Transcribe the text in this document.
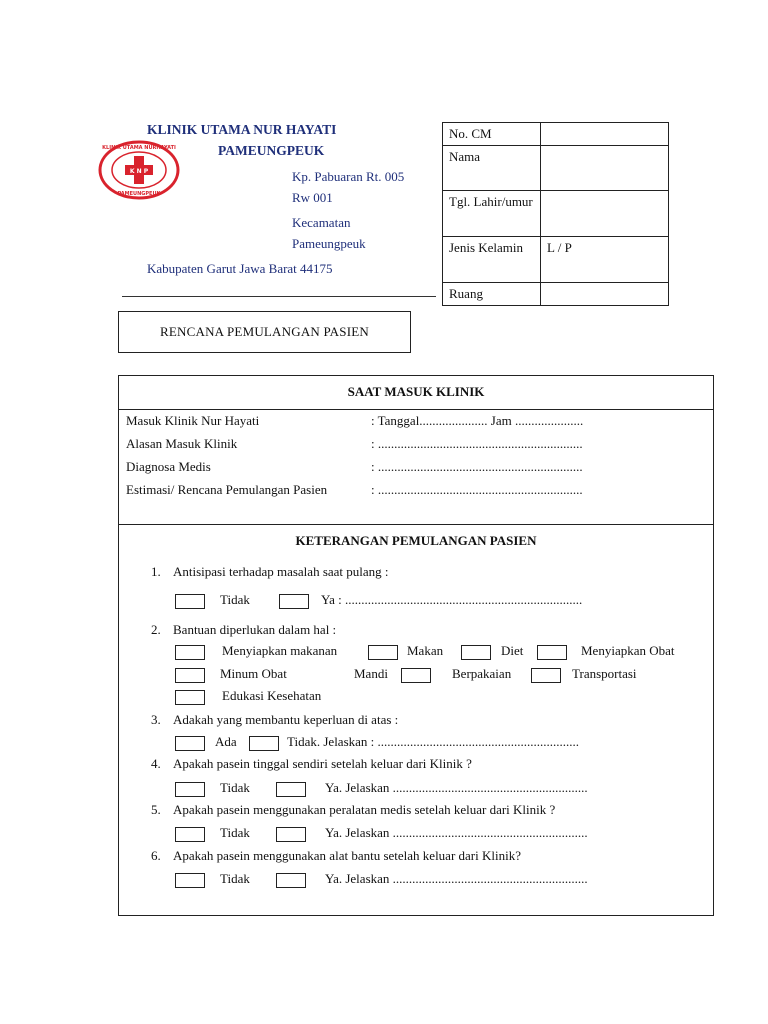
KLINIK UTAMA NUR HAYATI
PAMEUNGPEUK
K N P
KLINIK UTAMA NURHAYATI
PAMEUNGPEUK
Kp. Pabuaran Rt. 005
Rw 001
Kecamatan
Pameungpeuk
Kabupaten Garut Jawa Barat 44175
No. CM	
Nama	
Tgl. Lahir/umur	
Jenis Kelamin	L / P
Ruang	
RENCANA PEMULANGAN PASIEN
SAAT MASUK KLINIK
Masuk Klinik Nur Hayati	: Tanggal..................... Jam .....................
Alasan Masuk Klinik	: ...............................................................
Diagnosa Medis	: ...............................................................
Estimasi/ Rencana Pemulangan Pasien	: ...............................................................
KETERANGAN PEMULANGAN PASIEN
1. Antisipasi terhadap masalah saat pulang :
Tidak	Ya : .........................................................................
2. Bantuan diperlukan dalam hal :
Menyiapkan makanan	Makan	Diet	Menyiapkan Obat
Minum Obat	Mandi	Berpakaian	Transportasi
Edukasi Kesehatan
3. Adakah yang membantu keperluan di atas :
Ada	Tidak. Jelaskan : ..............................................................
4. Apakah pasein tinggal sendiri setelah keluar dari Klinik ?
Tidak	Ya. Jelaskan ............................................................
5. Apakah pasein menggunakan peralatan medis setelah keluar dari Klinik ?
Tidak	Ya. Jelaskan ............................................................
6. Apakah pasein menggunakan alat bantu setelah keluar dari Klinik?
Tidak	Ya. Jelaskan ............................................................
